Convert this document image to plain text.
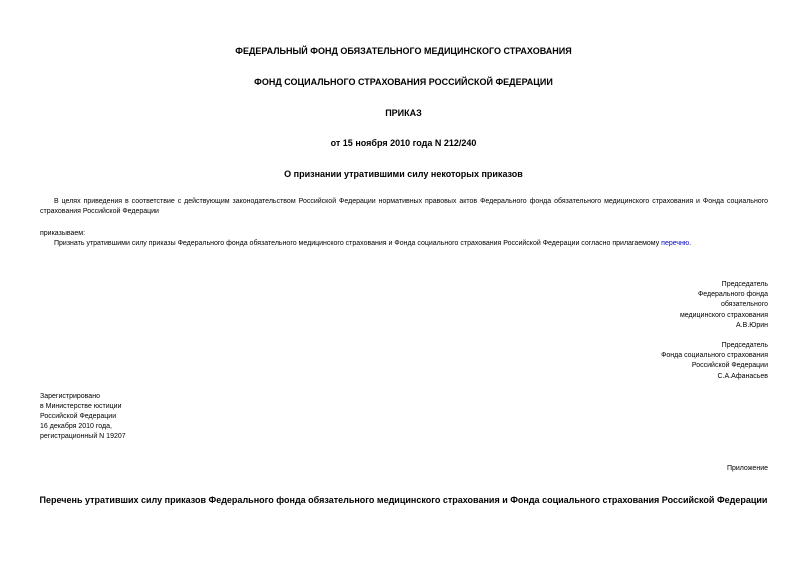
ФЕДЕРАЛЬНЫЙ ФОНД ОБЯЗАТЕЛЬНОГО МЕДИЦИНСКОГО СТРАХОВАНИЯ
ФОНД СОЦИАЛЬНОГО СТРАХОВАНИЯ РОССИЙСКОЙ ФЕДЕРАЦИИ
ПРИКАЗ
от 15 ноября 2010 года N 212/240
О признании утратившими силу некоторых приказов
В целях приведения в соответствие с действующим законодательством Российской Федерации нормативных правовых актов Федерального фонда обязательного медицинского страхования и Фонда социального страхования Российской Федерации
приказываем:
Признать утратившими силу приказы Федерального фонда обязательного медицинского страхования и Фонда социального страхования Российской Федерации согласно прилагаемому перечню.
Председатель
Федерального фонда
обязательного
медицинского страхования
А.В.Юрин
Председатель
Фонда социального страхования
Российской Федерации
С.А.Афанасьев
Зарегистрировано
в Министерстве юстиции
Российской Федерации
16 декабря 2010 года,
регистрационный N 19207
Приложение
Перечень утративших силу приказов Федерального фонда обязательного медицинского страхования и Фонда социального страхования Российской Федерации
